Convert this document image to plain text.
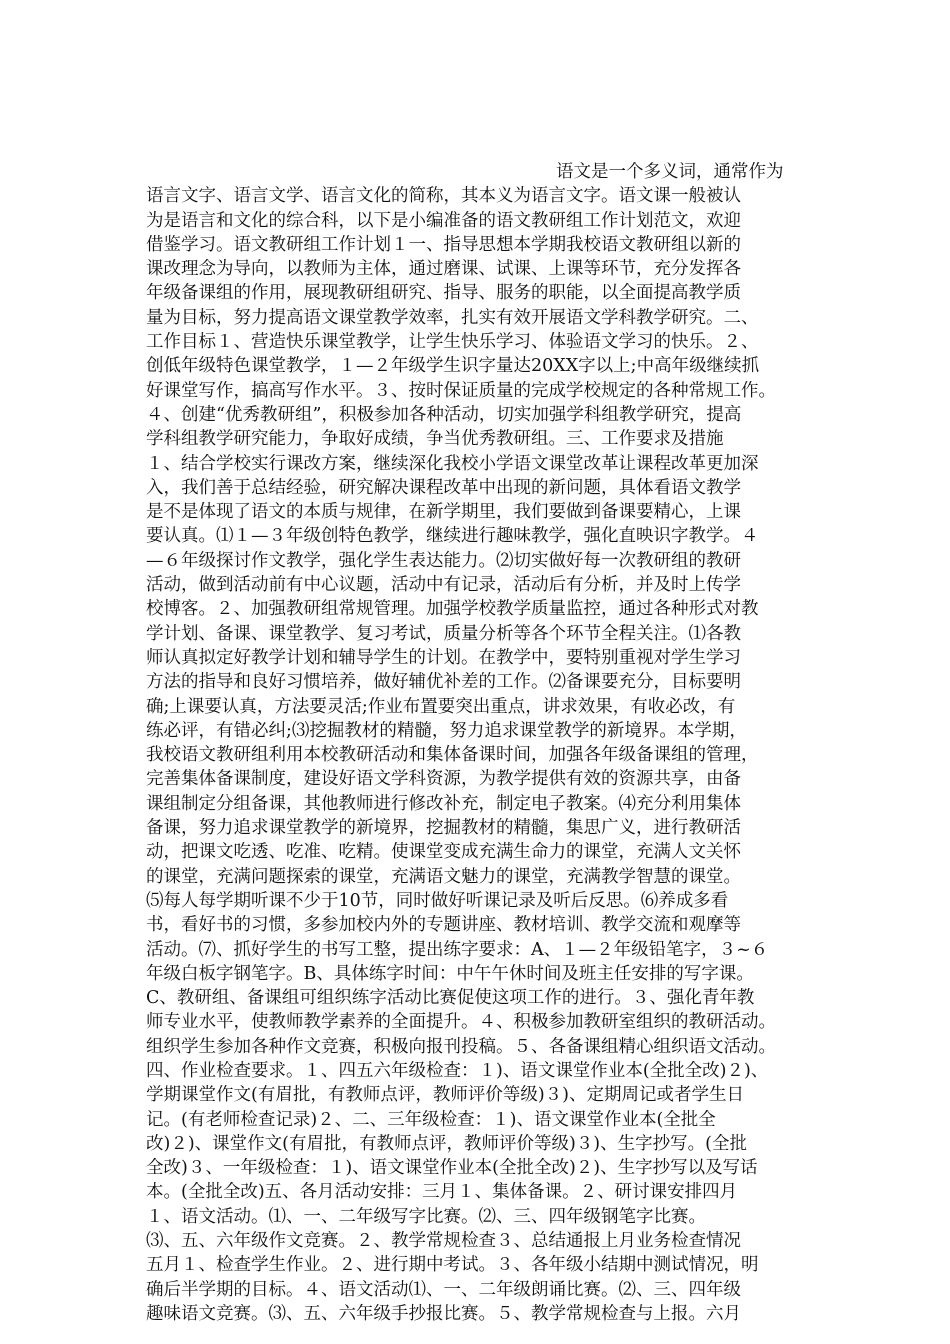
语文是一个多义词，通常作为
语言文字、语言文学、语言文化的简称，其本义为语言文字。语文课一般被认
为是语言和文化的综合科，以下是小编准备的语文教研组工作计划范文，欢迎
借鉴学习。语文教研组工作计划１一、指导思想本学期我校语文教研组以新的
课改理念为导向，以教师为主体，通过磨课、试课、上课等环节，充分发挥各
年级备课组的作用，展现教研组研究、指导、服务的职能，以全面提高教学质
量为目标，努力提高语文课堂教学效率，扎实有效开展语文学科教学研究。二、
工作目标１、营造快乐课堂教学，让学生快乐学习、体验语文学习的快乐。２、
创低年级特色课堂教学，１—２年级学生识字量达20XX字以上;中高年级继续抓
好课堂写作，搞高写作水平。３、按时保证质量的完成学校规定的各种常规工作。
４、创建“优秀教研组”，积极参加各种活动，切实加强学科组教学研究，提高
学科组教学研究能力，争取好成绩，争当优秀教研组。三、工作要求及措施
１、结合学校实行课改方案，继续深化我校小学语文课堂改革让课程改革更加深
入，我们善于总结经验，研究解决课程改革中出现的新问题，具体看语文教学
是不是体现了语文的本质与规律，在新学期里，我们要做到备课要精心，上课
要认真。⑴１—３年级创特色教学，继续进行趣味教学，强化直映识字教学。４
—６年级探讨作文教学，强化学生表达能力。⑵切实做好每一次教研组的教研
活动，做到活动前有中心议题，活动中有记录，活动后有分析，并及时上传学
校博客。２、加强教研组常规管理。加强学校教学质量监控，通过各种形式对教
学计划、备课、课堂教学、复习考试，质量分析等各个环节全程关注。⑴各教
师认真拟定好教学计划和辅导学生的计划。在教学中，要特别重视对学生学习
方法的指导和良好习惯培养，做好辅优补差的工作。⑵备课要充分，目标要明
确;上课要认真，方法要灵活;作业布置要突出重点，讲求效果，有收必改，有
练必评，有错必纠;⑶挖掘教材的精髓，努力追求课堂教学的新境界。本学期，
我校语文教研组利用本校教研活动和集体备课时间，加强各年级备课组的管理，
完善集体备课制度，建设好语文学科资源，为教学提供有效的资源共享，由备
课组制定分组备课，其他教师进行修改补充，制定电子教案。⑷充分利用集体
备课，努力追求课堂教学的新境界，挖掘教材的精髓，集思广义，进行教研活
动，把课文吃透、吃准、吃精。使课堂变成充满生命力的课堂，充满人文关怀
的课堂，充满问题探索的课堂，充满语文魅力的课堂，充满教学智慧的课堂。
⑸每人每学期听课不少于10节，同时做好听课记录及听后反思。⑹养成多看
书，看好书的习惯，多参加校内外的专题讲座、教材培训、教学交流和观摩等
活动。⑺、抓好学生的书写工整，提出练字要求：A、１—２年级铅笔字，３~６
年级白板字钢笔字。B、具体练字时间：中午午休时间及班主任安排的写字课。
C、教研组、备课组可组织练字活动比赛促使这项工作的进行。３、强化青年教
师专业水平，使教师教学素养的全面提升。４、积极参加教研室组织的教研活动。
组织学生参加各种作文竞赛，积极向报刊投稿。５、各备课组精心组织语文活动。
四、作业检查要求。１、四五六年级检查：１)、语文课堂作业本(全批全改)２)、
学期课堂作文(有眉批，有教师点评，教师评价等级)３)、定期周记或者学生日
记。(有老师检查记录)２、二、三年级检查：１)、语文课堂作业本(全批全
改)２)、课堂作文(有眉批，有教师点评，教师评价等级)３)、生字抄写。(全批
全改)３、一年级检查：１)、语文课堂作业本(全批全改)２)、生字抄写以及写话
本。(全批全改)五、各月活动安排：三月１、集体备课。２、研讨课安排四月
１、语文活动。⑴、一、二年级写字比赛。⑵、三、四年级钢笔字比赛。
⑶、五、六年级作文竞赛。２、教学常规检查３、总结通报上月业务检查情况
五月１、检查学生作业。２、进行期中考试。３、各年级小结期中测试情况，明
确后半学期的目标。４、语文活动⑴、一、二年级朗诵比赛。⑵、三、四年级
趣味语文竞赛。⑶、五、六年级手抄报比赛。５、教学常规检查与上报。六月
